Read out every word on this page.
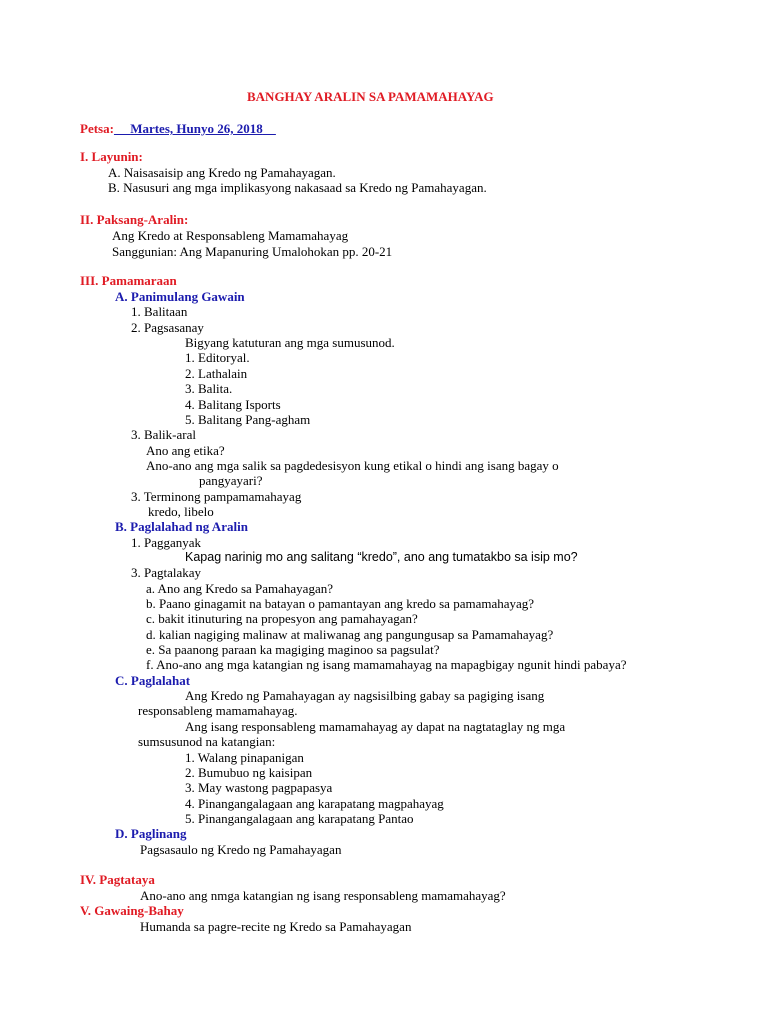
BANGHAY ARALIN SA PAMAMAHAYAG
Petsa: __Martes, Hunyo 26, 2018__
I. Layunin:
A. Naisasaisip ang Kredo ng Pamahayagan.
B. Nasusuri ang mga implikasyong nakasaad sa Kredo ng Pamahayagan.
II. Paksang-Aralin:
Ang Kredo at Responsableng Mamamahayag
Sanggunian: Ang Mapanuring Umalohokan pp. 20-21
III. Pamamaraan
A. Panimulang Gawain
1. Balitaan
2. Pagsasanay
Bigyang katuturan ang mga sumusunod.
1. Editoryal.
2. Lathalain
3. Balita.
4. Balitang Isports
5. Balitang Pang-agham
3. Balik-aral
Ano ang etika?
Ano-ano ang mga salik sa pagdedesisyon kung etikal o hindi ang isang bagay o
pangyayari?
3. Terminong pampamamahayag
kredo, libelo
B. Paglalahad ng Aralin
1. Pagganyak
Kapag narinig mo ang salitang “kredo”, ano ang tumatakbo sa isip mo?
3. Pagtalakay
a. Ano ang Kredo sa Pamahayagan?
b. Paano ginagamit na batayan o pamantayan ang kredo sa pamamahayag?
c. bakit itinuturing na propesyon ang pamahayagan?
d. kalian nagiging malinaw at maliwanag ang pangungusap sa Pamamahayag?
e. Sa paanong paraan ka magiging maginoo sa pagsulat?
f. Ano-ano ang mga katangian ng isang mamamahayag na mapagbigay ngunit hindi pabaya?
C. Paglalahat
Ang Kredo ng Pamahayagan ay nagsisilbing gabay sa pagiging isang
responsableng mamamahayag.
Ang isang responsableng mamamahayag ay dapat na nagtataglay ng mga
sumsusunod na katangian:
1. Walang pinapanigan
2. Bumubuo ng kaisipan
3. May wastong pagpapasya
4. Pinangangalagaan ang karapatang magpahayag
5. Pinangangalagaan ang karapatang Pantao
D. Paglinang
Pagsasaulo ng Kredo ng Pamahayagan
IV. Pagtataya
Ano-ano ang nmga katangian ng isang responsableng mamamahayag?
V. Gawaing-Bahay
Humanda sa pagre-recite ng Kredo sa Pamahayagan
